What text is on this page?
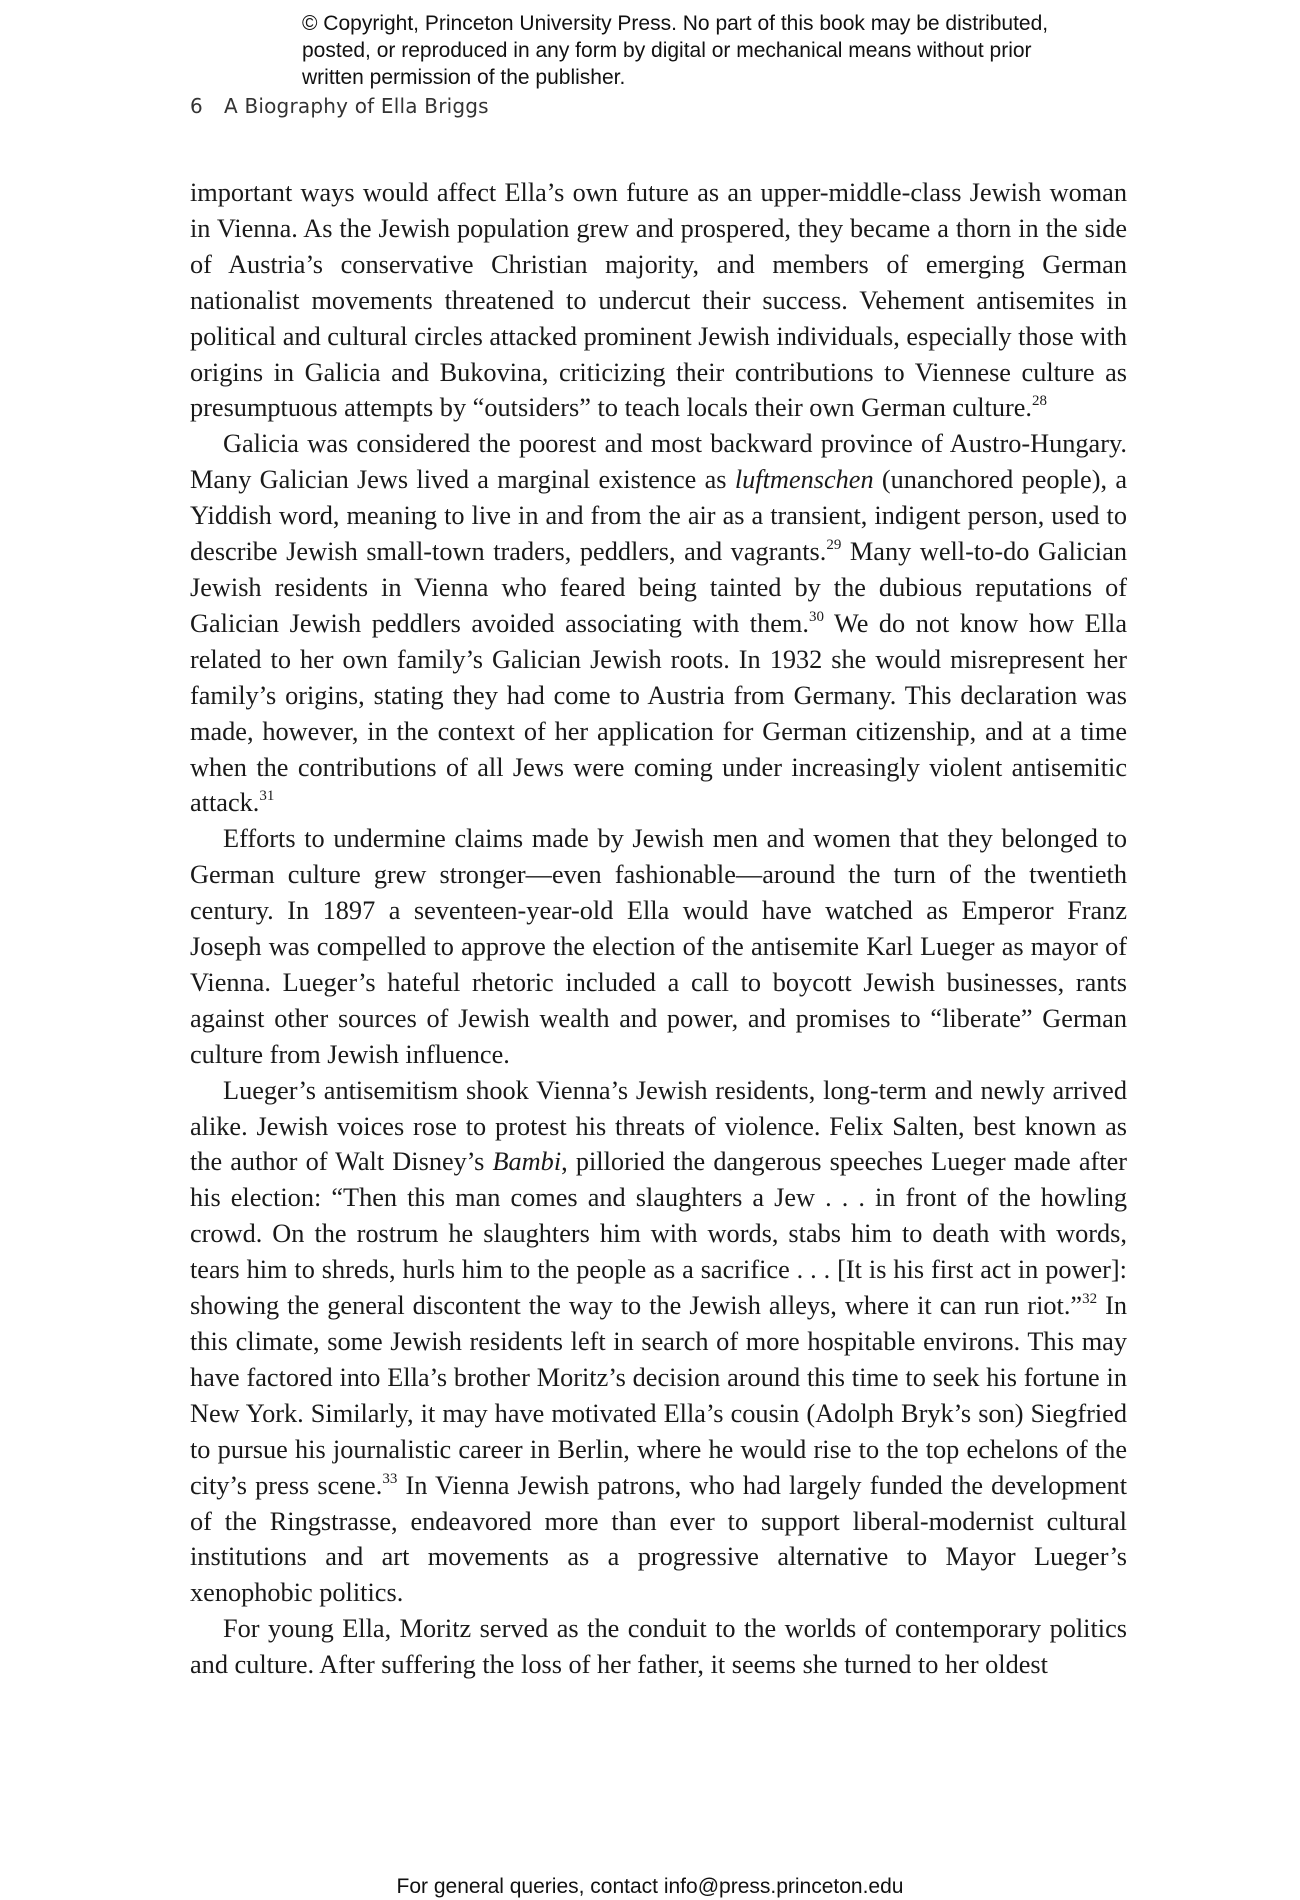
© Copyright, Princeton University Press. No part of this book may be distributed, posted, or reproduced in any form by digital or mechanical means without prior written permission of the publisher.
6 A Biography of Ella Briggs

important ways would affect Ella’s own future as an upper-middle-class Jewish woman in Vienna. As the Jewish population grew and prospered, they became a thorn in the side of Austria’s conservative Christian majority, and members of emerging German nationalist movements threatened to undercut their success. Vehement antisemites in political and cultural circles attacked prominent Jewish individuals, especially those with origins in Galicia and Bukovina, criticizing their contributions to Viennese culture as presumptuous attempts by “outsiders” to teach locals their own German culture.$^{28}$

Galicia was considered the poorest and most backward province of Austro-Hungary. Many Galician Jews lived a marginal existence as luftmenschen (unanchored people), a Yiddish word, meaning to live in and from the air as a transient, indigent person, used to describe Jewish small-town traders, peddlers, and vagrants.$^{29}$ Many well-to-do Galician Jewish residents in Vienna who feared being tainted by the dubious reputations of Galician Jewish peddlers avoided associating with them.$^{30}$ We do not know how Ella related to her own family’s Galician Jewish roots. In 1932 she would misrepresent her family’s origins, stating they had come to Austria from Germany. This declaration was made, however, in the context of her application for German citizenship, and at a time when the contributions of all Jews were coming under increasingly violent antisemitic attack.$^{31}$

Efforts to undermine claims made by Jewish men and women that they belonged to German culture grew stronger—even fashionable—around the turn of the twentieth century. In 1897 a seventeen-year-old Ella would have watched as Emperor Franz Joseph was compelled to approve the election of the antisemite Karl Lueger as mayor of Vienna. Lueger’s hateful rhetoric included a call to boycott Jewish businesses, rants against other sources of Jewish wealth and power, and promises to “liberate” German culture from Jewish influence.

Lueger’s antisemitism shook Vienna’s Jewish residents, long-term and newly arrived alike. Jewish voices rose to protest his threats of violence. Felix Salten, best known as the author of Walt Disney’s Bambi, pilloried the dangerous speeches Lueger made after his election: “Then this man comes and slaughters a Jew . . . in front of the howling crowd. On the rostrum he slaughters him with words, stabs him to death with words, tears him to shreds, hurls him to the people as a sacrifice . . . [It is his first act in power]: showing the general discontent the way to the Jewish alleys, where it can run riot.”$^{32}$ In this climate, some Jewish residents left in search of more hospitable environs. This may have factored into Ella’s brother Moritz’s decision around this time to seek his fortune in New York. Similarly, it may have motivated Ella’s cousin (Adolph Bryk’s son) Siegfried to pursue his journalistic career in Berlin, where he would rise to the top echelons of the city’s press scene.$^{33}$ In Vienna Jewish patrons, who had largely funded the development of the Ringstrasse, endeavored more than ever to support liberal-modernist cultural institutions and art movements as a progressive alternative to Mayor Lueger’s xenophobic politics.

For young Ella, Moritz served as the conduit to the worlds of contemporary politics and culture. After suffering the loss of her father, it seems she turned to her oldest

For general queries, contact info@press.princeton.edu
